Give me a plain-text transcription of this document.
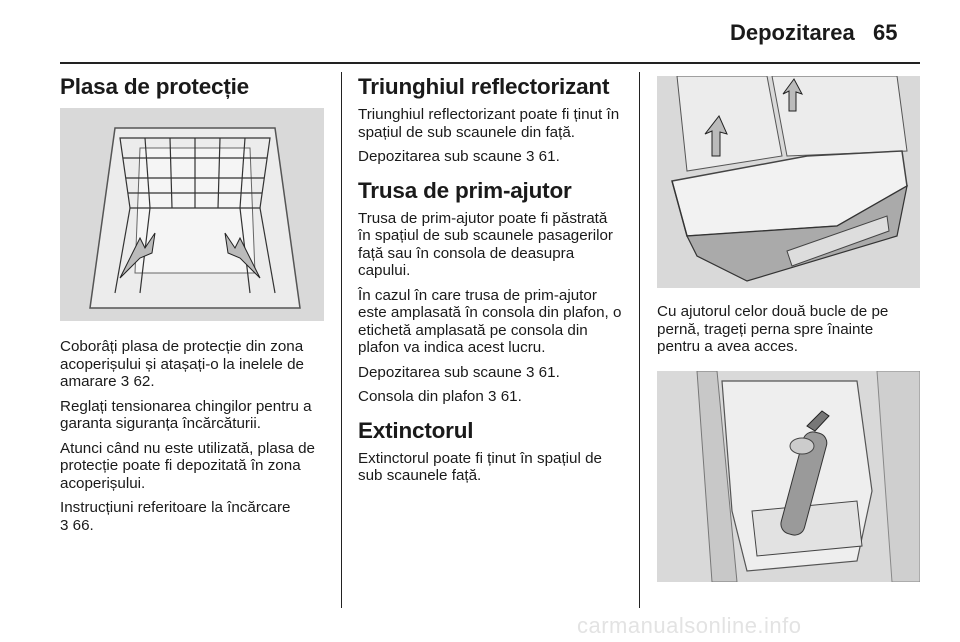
Depozitarea 65
Plasa de protecție

Coborâți plasa de protecție din zona acoperișului și atașați-o la inelele de amarare 3 62.

Reglați tensionarea chingilor pentru a garanta siguranța încărcăturii.

Atunci când nu este utilizată, plasa de protecție poate fi depozitată în zona acoperișului.

Instrucțiuni referitoare la încărcare
3 66.

Triunghiul reflectorizant

Triunghiul reflectorizant poate fi ținut în spațiul de sub scaunele din față.

Depozitarea sub scaune 3 61.

Trusa de prim-ajutor

Trusa de prim-ajutor poate fi păstrată în spațiul de sub scaunele pasagerilor față sau în consola de deasupra capului.

În cazul în care trusa de prim-ajutor este amplasată în consola din plafon, o etichetă amplasată pe consola din plafon va indica acest lucru.

Depozitarea sub scaune 3 61.

Consola din plafon 3 61.

Extinctorul

Extinctorul poate fi ținut în spațiul de sub scaunele față.

Cu ajutorul celor două bucle de pe pernă, trageți perna spre înainte pentru a avea acces.

carmanualsonline.info
